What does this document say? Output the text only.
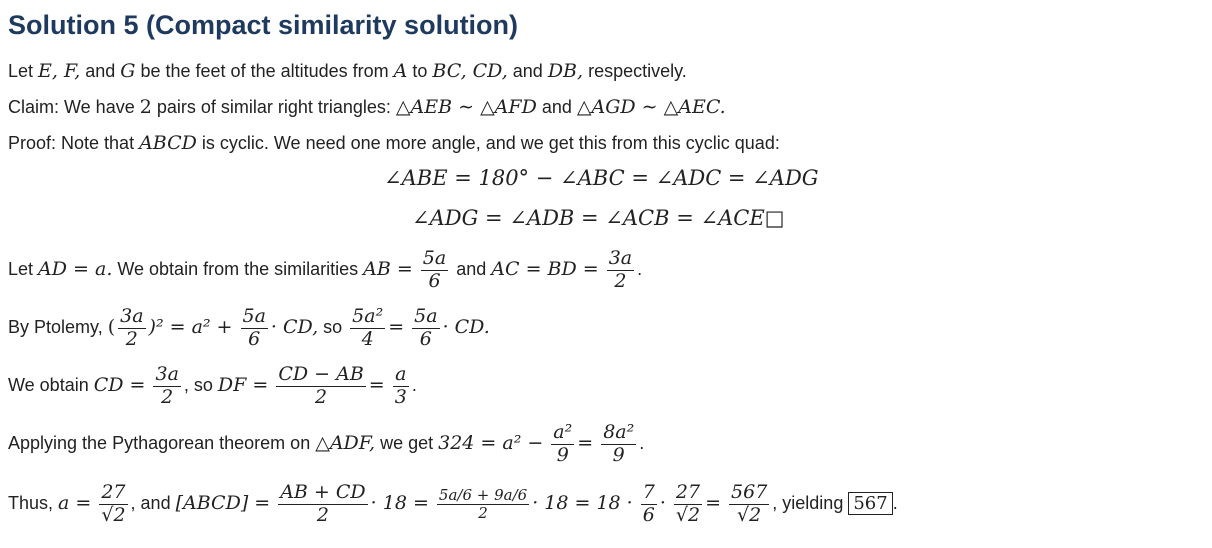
Solution 5 (Compact similarity solution)
Let E, F, and G be the feet of the altitudes from A to BC, CD, and DB, respectively.
Claim: We have 2 pairs of similar right triangles: △AEB ∼ △AFD and △AGD ∼ △AEC.
Proof: Note that ABCD is cyclic. We need one more angle, and we get this from this cyclic quad:
∠ABE = 180° − ∠ABC = ∠ADC = ∠ADG
∠ADG = ∠ADB = ∠ACB = ∠ACE□
Let AD = a. We obtain from the similarities AB = $\frac{5a}{6}$ and AC = BD = $\frac{3a}{2}$ .
By Ptolemy, ( $\frac{3a}{2} )^2 = a^2 + \frac{5a}{6}$ · CD, so $\frac{\text{5a²}}{4} = \frac{5a}{6}$ · CD.
We obtain CD = $\frac{3a}{2}$ , so DF = $\frac{CD - AB}{2} = \frac{a}{3}$ .
Applying the Pythagorean theorem on △ADF, we get $324 = a^2 - \frac{\text{a²}}{9} = \frac{\text{8a²}}{9}$ .
Thus, $a = \frac{27}{√2}$ , and [ABCD] = $\frac{AB + CD}{2} \cdot 18 = \frac{5a/6 + 9a/6}{2} \cdot 18 = 18 \cdot \frac{7}{6} \cdot \frac{27}{√2} = \frac{567}{√2}$ , yielding 567 .
